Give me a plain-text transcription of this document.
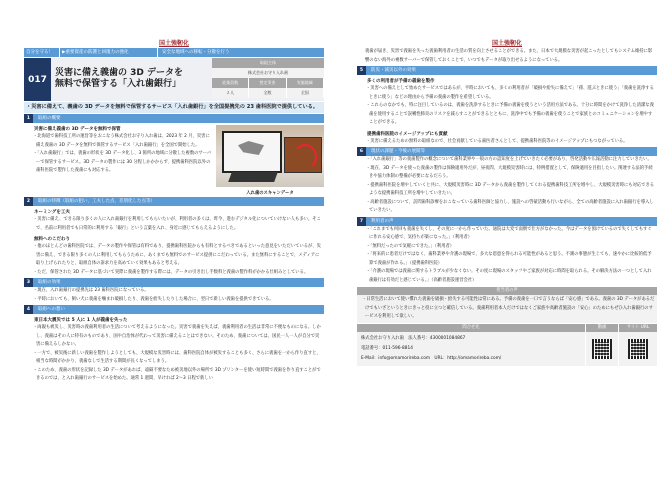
国土強靭化
自分を守る！	▶重要資産の防護と回復力の強化	安全な地域への移転・分散を行う
017
災害に備え義歯の 3D データを
無料で保管する「入れ歯銀行」
取組主体
株式会社お守り入れ歯
従業員数	想定災害	実施地域
２人	全般	全国
・災害に備えて、義歯の 3D データを無料で保管するサービス「入れ歯銀行」を全国提携先の 23 歯科医院で提供している。
1	取組の概要
災害に備え義歯の 3D データを無料で保管
・北海道で歯科技工所の運営等をおこなう株式会社お守り入れ歯は、2023 年 2 月、災害に備え義歯の 3D データを無料で保管するサービス「入れ歯銀行」を全国で開始した。
・「入れ歯銀行」では、義歯の形状を 3D データ化し、3 箇所の地域に分散した複数のサーバーで保管するサービス。3D データの製作には 30 分程しかかからず、提携歯科医院以外の歯科医院で製作した義歯にも対応する。
入れ歯のスキャンデータ
2	取組の特徴（取組の狙い、工夫した点、差別化した点等）
ネーミングを工夫
・災害に備え、できる限り多くの人に入れ歯銀行を利用してもらいたいが、利用者の多くは、昨今、進むデジタル化についていけない人も多い。そこで、名前に利用者でも日常的に利用する「銀行」という言葉を入れ、身近に感じてもらえるようにした。
無料へのこだわり
・他のほとんどの歯科医院では、データの製作や保管は有料であり、提携歯科医院からも有料とするべきであるといった意見をいただいているが、災害に備え、できる限り多くの人に利用してもらうために、あくまでも無料でのサービス提供にこだわっている。また無料にすることで、メディアに取り上げられたりと、取組自体の訴求力を高めていく効果もあると考える。
・ただ、保管された 3D データに基づいて実際に義歯を製作する際には、データの引き出し手数料と義歯の製作料がかかる仕組みとしている。
3	取組の効果
・現在、入れ歯銀行の提携先は 23 歯科医院になっている。
・平時においても、飼い犬に義歯を噛まれ破損したり、義歯を紛失したりした場合に、翌日で新しい義歯を提供できている。
4	取組への想い
東日本大震災では 5 人に 1 人が義歯を失った
・両親も被災し、災害時の義歯利用者の生活について考えるようになった。災害で義歯を失えば、義歯利用者の生活は非常に不便なものになる。しかし、義歯はその人に特有のものであり、国や自治体が代わって災害に備えることはできない。そのため、義歯については、国民一人一人が自分で災害に備えるしかない。
・一方で、被災後に新しい義歯を製作しようとしても、大規模な災害時には、歯科医院自体が被災することも多く、さらに義歯を一から作り直すと、相当な時間がかかり、義歯なしで生活する期間が長くなってしまう。
・このため、義歯の形状を記録した 3D データがあれば、遠隔不要なため被災地以外の場所で 3D プリンターを使い短時間で義歯を作り直すことができるのでは、と入れ歯銀行のサービスを始めた。通常 1 週間、早ければ 2～3 日程で新しい
国土強靭化
義歯が届き、災害で義歯を失った義歯利用者の生活の質を向上させることができる。また、日本で大規模な災害が起こったとしてもシステム維持に影響のない海外の複数サーバーで保管しておくことで、いつでもデータが取り出せるようになっている。
5	防災・減災以外の効果
多くの利用者が予備の義歯を製作
・災害への備えとして始めたサービスではあるが、平時においても、多くの利用者が「破損や紛失に備えて」「孫、遊ぶときに使う」「義歯を洗浄するときに使う」などの理由から予備の義歯の製作を希望している。
・これらのなかでも、特に注目しているのは、義歯を洗浄するときに予備の義歯を使うという活用方法である。十分に時間をかけて洗浄した清潔な義歯を使用することで誤嚥性肺炎のリスクを減らすことができるとともに、洗浄中でも予備の義歯を使うことで家族とのコミュニケーションを増やすことができる。
提携歯科医院のイメージアップにも貢献
・災害に備えるための無料の取組なので、社会貢献している歯医者さんとして、提携歯科医院等のイメージアップにもつながっている。
6	現状の課題・今後の展開等
・「入れ歯銀行」等の義歯製作の概念について歯科業界や一般の方の認知度を上げていきたく必要があり、啓発活動や広報活動に注力していきたい。
・現在、3D データを使った義歯の製作は保険適用外だが、昼夜問、大規模災害時には、特例措置として、保険適用を目指したい。関連する法的手続きや協力体制の整備が必要になるだろう。
・提携歯科医院を増やしていくと共に、大規模災害時に 3D データから義歯を製作してくれる提携歯科技工所を増やし、大規模災害時にも対応できるような提携歯科技工所を増やしていきたい。
・高齢者施設について、訪問歯科診療をおこなっている歯科医師と協力し、施設への啓蒙活動も行いながら、全ての高齢者施設に入れ歯銀行を導入していきたい。
7	利用者の声
・「これまでも何回も義歯を失くし、その度に一から作っていた。通院は大変で面倒で仕方がなかった。今はデータを預けているので失くしてもすぐに作れる安心感で、気持ちが楽になった。」（利用者）
・「無料だったので気軽にできた。」（利用者）
・「将来的に患者だけではなく、歯科業界や介護の現場で、多大な恩恵を得られる可能性があると思う。不測の事態が生じても、速やかに比較的低予算で義歯が作れる。」（提携歯科医院）
・「介護の現場では義歯に関するトラブルが少なくない。その度に現場のスタッフやご家族が対応に時間を取られる。その解決方法の一つとして入れ歯銀行は有効だと感じている。」（高齢者施設運営会社）
担当者の声
・日常生活において使い慣れた義歯を破損・紛失する可能性は常にある。予備の義歯を一口で言うならば「安心感」である。義歯の 3D データがあるだけでもいざというときにきっと役に立つと確信している。義歯利用者本人だけではなくご家族や高齢者施設の「安心」のためにもぜひ入れ歯銀行のサービスを利用して欲しい。
問合せ先
株式会社お守り入れ歯　法人番号：4300001084867
電話番号：011-596-8814
E-Mail：info@omamorireba.com　URL：http://omamorireba.com/
動画	サイト URL
